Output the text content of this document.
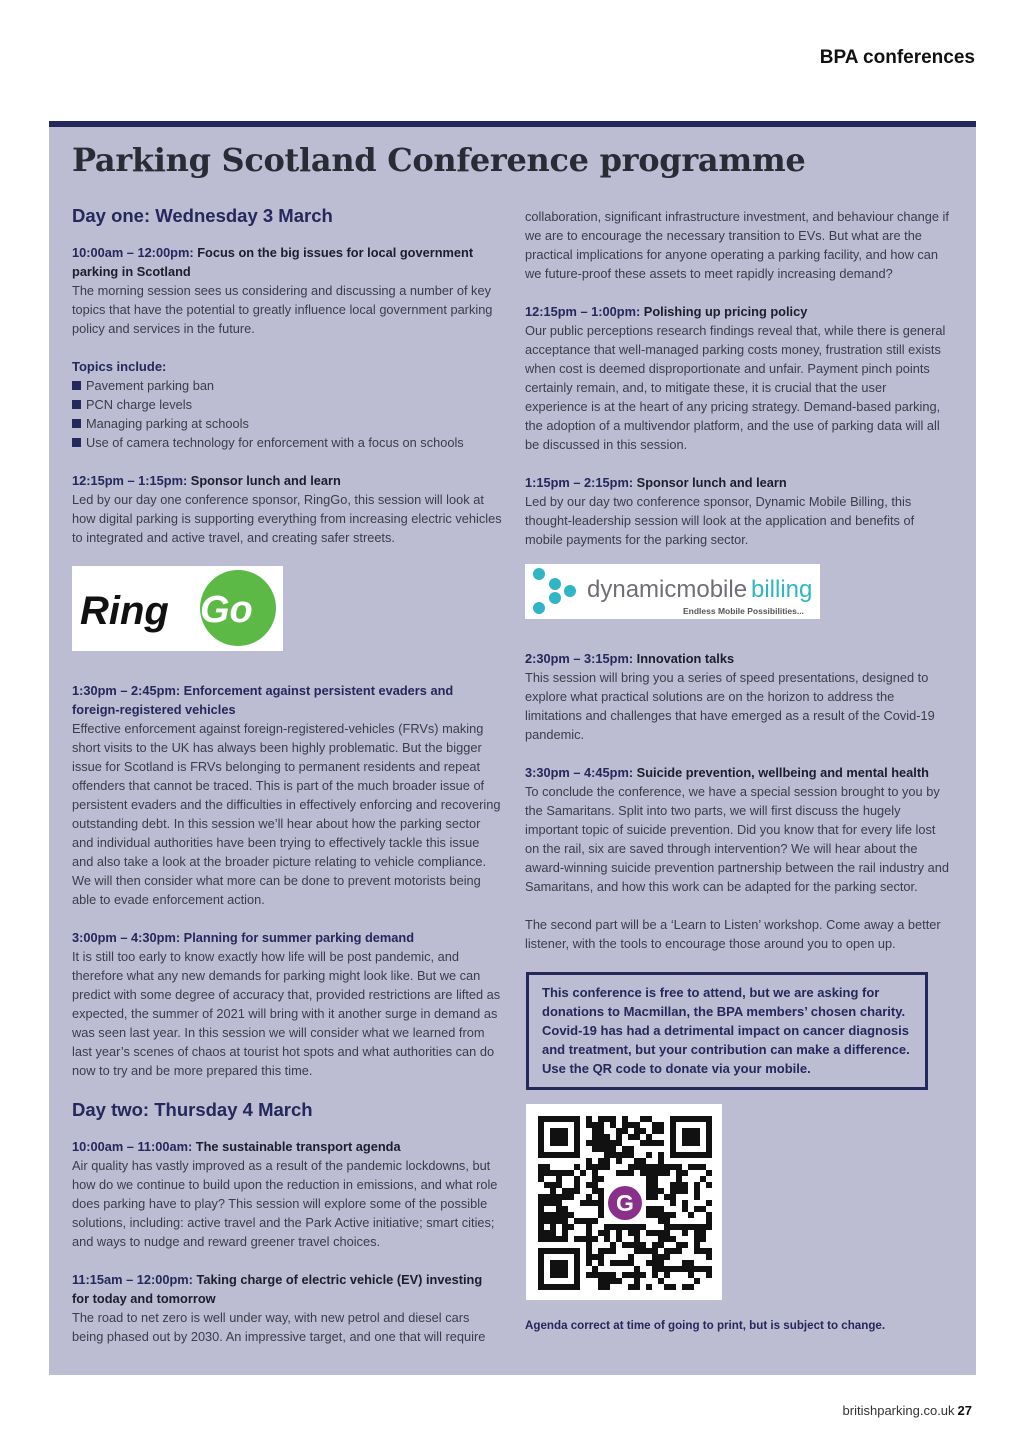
BPA conferences
Parking Scotland Conference programme
Day one: Wednesday 3 March
10:00am – 12:00pm: Focus on the big issues for local government parking in Scotland
The morning session sees us considering and discussing a number of key topics that have the potential to greatly influence local government parking policy and services in the future.
Topics include:
Pavement parking ban
PCN charge levels
Managing parking at schools
Use of camera technology for enforcement with a focus on schools
12:15pm – 1:15pm: Sponsor lunch and learn
Led by our day one conference sponsor, RingGo, this session will look at how digital parking is supporting everything from increasing electric vehicles to integrated and active travel, and creating safer streets.
Ring Go
1:30pm – 2:45pm: Enforcement against persistent evaders and foreign-registered vehicles
Effective enforcement against foreign-registered-vehicles (FRVs) making short visits to the UK has always been highly problematic. But the bigger issue for Scotland is FRVs belonging to permanent residents and repeat offenders that cannot be traced. This is part of the much broader issue of persistent evaders and the difficulties in effectively enforcing and recovering outstanding debt. In this session we’ll hear about how the parking sector and individual authorities have been trying to effectively tackle this issue and also take a look at the broader picture relating to vehicle compliance. We will then consider what more can be done to prevent motorists being able to evade enforcement action.
3:00pm – 4:30pm: Planning for summer parking demand
It is still too early to know exactly how life will be post pandemic, and therefore what any new demands for parking might look like. But we can predict with some degree of accuracy that, provided restrictions are lifted as expected, the summer of 2021 will bring with it another surge in demand as was seen last year. In this session we will consider what we learned from last year’s scenes of chaos at tourist hot spots and what authorities can do now to try and be more prepared this time.
Day two: Thursday 4 March
10:00am – 11:00am: The sustainable transport agenda
Air quality has vastly improved as a result of the pandemic lockdowns, but how do we continue to build upon the reduction in emissions, and what role does parking have to play? This session will explore some of the possible solutions, including: active travel and the Park Active initiative; smart cities; and ways to nudge and reward greener travel choices.
11:15am – 12:00pm: Taking charge of electric vehicle (EV) investing for today and tomorrow
The road to net zero is well under way, with new petrol and diesel cars being phased out by 2030. An impressive target, and one that will require
collaboration, significant infrastructure investment, and behaviour change if we are to encourage the necessary transition to EVs. But what are the practical implications for anyone operating a parking facility, and how can we future-proof these assets to meet rapidly increasing demand?
12:15pm – 1:00pm: Polishing up pricing policy
Our public perceptions research findings reveal that, while there is general acceptance that well-managed parking costs money, frustration still exists when cost is deemed disproportionate and unfair. Payment pinch points certainly remain, and, to mitigate these, it is crucial that the user experience is at the heart of any pricing strategy. Demand-based parking, the adoption of a multivendor platform, and the use of parking data will all be discussed in this session.
1:15pm – 2:15pm: Sponsor lunch and learn
Led by our day two conference sponsor, Dynamic Mobile Billing, this thought-leadership session will look at the application and benefits of mobile payments for the parking sector.
dynamicmobile billing
Endless Mobile Possibilities...
2:30pm – 3:15pm: Innovation talks
This session will bring you a series of speed presentations, designed to explore what practical solutions are on the horizon to address the limitations and challenges that have emerged as a result of the Covid-19 pandemic.
3:30pm – 4:45pm: Suicide prevention, wellbeing and mental health
To conclude the conference, we have a special session brought to you by the Samaritans. Split into two parts, we will first discuss the hugely important topic of suicide prevention. Did you know that for every life lost on the rail, six are saved through intervention? We will hear about the award-winning suicide prevention partnership between the rail industry and Samaritans, and how this work can be adapted for the parking sector.
The second part will be a ‘Learn to Listen’ workshop. Come away a better listener, with the tools to encourage those around you to open up.
This conference is free to attend, but we are asking for donations to Macmillan, the BPA members’ chosen charity. Covid-19 has had a detrimental impact on cancer diagnosis and treatment, but your contribution can make a difference. Use the QR code to donate via your mobile.
G
Agenda correct at time of going to print, but is subject to change.
britishparking.co.uk 27
